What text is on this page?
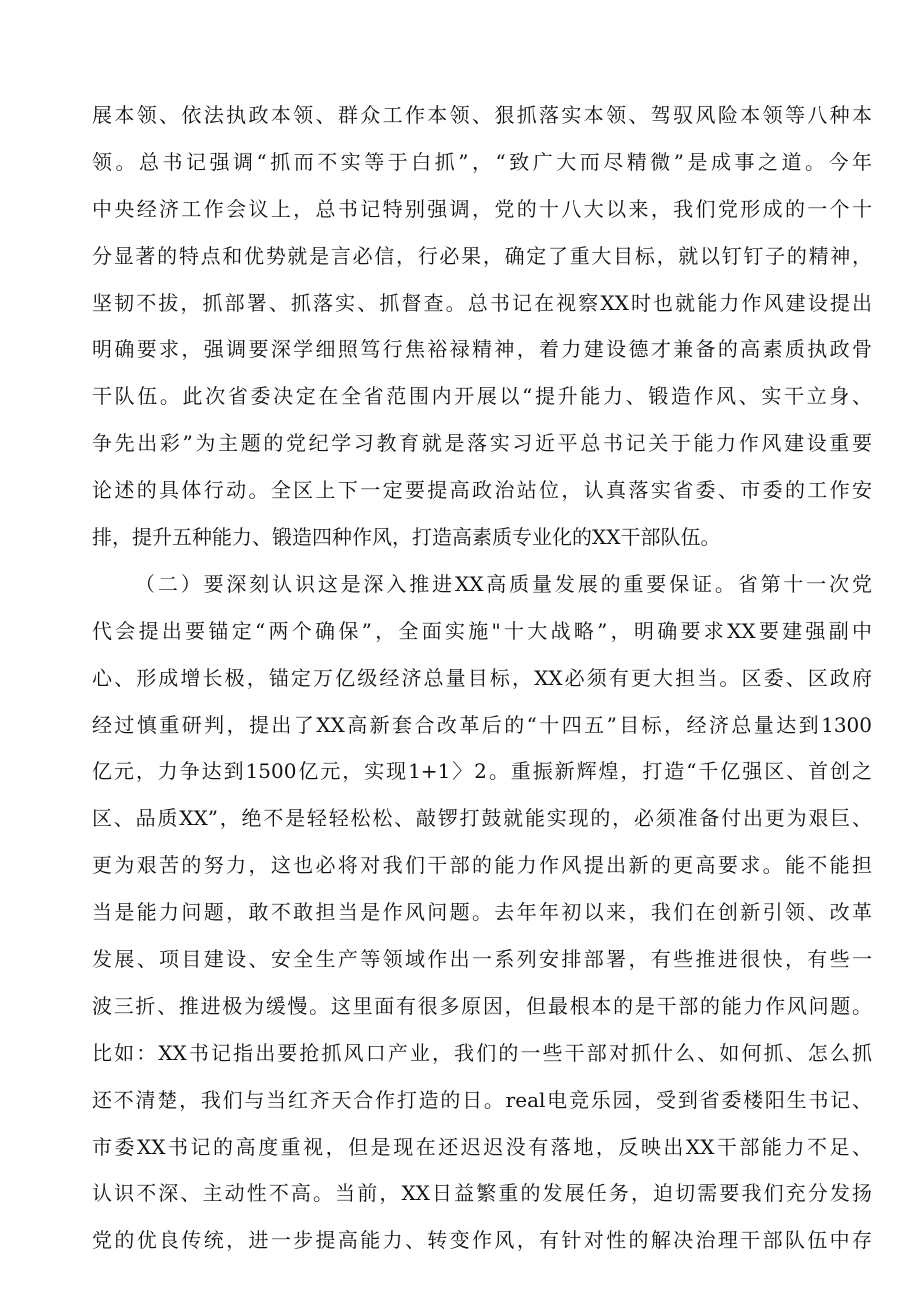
展本领、依法执政本领、群众工作本领、狠抓落实本领、驾驭风险本领等八种本
领。总书记强调“抓而不实等于白抓”，“致广大而尽精微”是成事之道。今年
中央经济工作会议上，总书记特别强调，党的十八大以来，我们党形成的一个十
分显著的特点和优势就是言必信，行必果，确定了重大目标，就以钉钉子的精神，
坚韧不拔，抓部署、抓落实、抓督查。总书记在视察XX时也就能力作风建设提出
明确要求，强调要深学细照笃行焦裕禄精神，着力建设德才兼备的高素质执政骨
干队伍。此次省委决定在全省范围内开展以“提升能力、锻造作风、实干立身、
争先出彩”为主题的党纪学习教育就是落实习近平总书记关于能力作风建设重要
论述的具体行动。全区上下一定要提高政治站位，认真落实省委、市委的工作安
排，提升五种能力、锻造四种作风，打造高素质专业化的XX干部队伍。
（二）要深刻认识这是深入推进XX高质量发展的重要保证。省第十一次党
代会提出要锚定“两个确保”，全面实施"十大战略”，明确要求XX要建强副中
心、形成增长极，锚定万亿级经济总量目标，XX必须有更大担当。区委、区政府
经过慎重研判，提出了XX高新套合改革后的“十四五”目标，经济总量达到1300
亿元，力争达到1500亿元，实现1+1〉2。重振新辉煌，打造“千亿强区、首创之
区、品质XX”，绝不是轻轻松松、敲锣打鼓就能实现的，必须准备付出更为艰巨、
更为艰苦的努力，这也必将对我们干部的能力作风提出新的更高要求。能不能担
当是能力问题，敢不敢担当是作风问题。去年年初以来，我们在创新引领、改革
发展、项目建设、安全生产等领域作出一系列安排部署，有些推进很快，有些一
波三折、推进极为缓慢。这里面有很多原因，但最根本的是干部的能力作风问题。
比如：XX书记指出要抢抓风口产业，我们的一些干部对抓什么、如何抓、怎么抓
还不清楚，我们与当红齐天合作打造的日。real电竞乐园，受到省委楼阳生书记、
市委XX书记的高度重视，但是现在还迟迟没有落地，反映出XX干部能力不足、
认识不深、主动性不高。当前，XX日益繁重的发展任务，迫切需要我们充分发扬
党的优良传统，进一步提高能力、转变作风，有针对性的解决治理干部队伍中存
